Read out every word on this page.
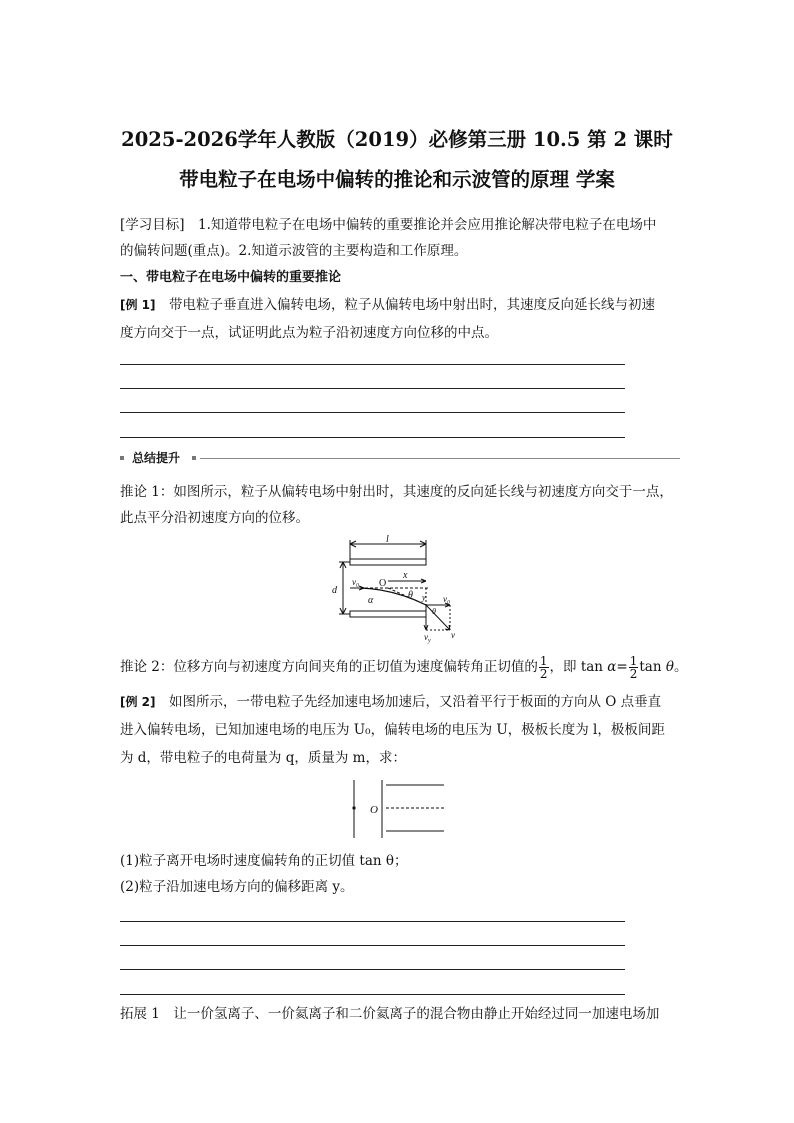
2025-2026学年人教版（2019）必修第三册 10.5 第 2 课时
带电粒子在电场中偏转的推论和示波管的原理 学案
[学习目标]　1.知道带电粒子在电场中偏转的重要推论并会应用推论解决带电粒子在电场中
的偏转问题(重点)。2.知道示波管的主要构造和工作原理。
一、带电粒子在电场中偏转的重要推论
[例 1]　带电粒子垂直进入偏转电场，粒子从偏转电场中射出时，其速度反向延长线与初速
度方向交于一点，试证明此点为粒子沿初速度方向位移的中点。
总结提升
推论 1：如图所示，粒子从偏转电场中射出时，其速度的反向延长线与初速度方向交于一点，
此点平分沿初速度方向的位移。
l
d
v₀ O
x
α	θ y
θ
v₀
$v_y$
v
推论 2：位移方向与初速度方向间夹角的正切值为速度偏转角正切值的 $\frac{1}{2}$ ，即 $\tan \alpha= \frac{1}{2}$ tan θ。
[例 2]　如图所示，一带电粒子先经加速电场加速后，又沿着平行于板面的方向从 O 点垂直
进入偏转电场，已知加速电场的电压为 U₀，偏转电场的电压为 U，极板长度为 l，极板间距
为 d，带电粒子的电荷量为 q，质量为 m，求：
O
(1)粒子离开电场时速度偏转角的正切值 tan θ；
(2)粒子沿加速电场方向的偏移距离 y。
拓展 1　让一价氢离子、一价氦离子和二价氦离子的混合物由静止开始经过同一加速电场加
